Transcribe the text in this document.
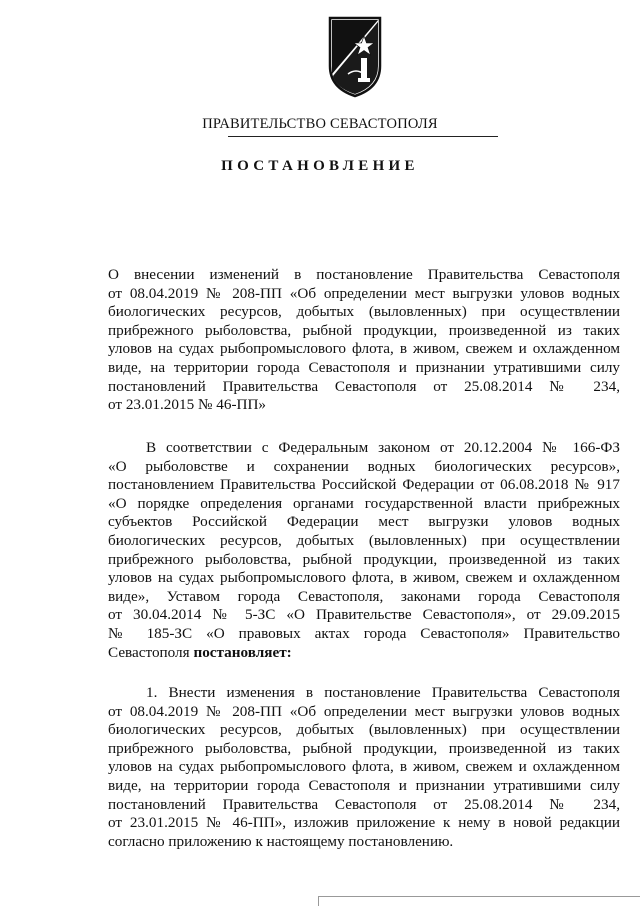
ПРАВИТЕЛЬСТВО СЕВАСТОПОЛЯ
ПОСТАНОВЛЕНИЕ
О внесении изменений в постановление Правительства Севастополя
от 08.04.2019 № 208-ПП «Об определении мест выгрузки уловов водных
биологических ресурсов, добытых (выловленных) при осуществлении
прибрежного рыболовства, рыбной продукции, произведенной из таких
уловов на судах рыбопромыслового флота, в живом, свежем и охлажденном
виде, на территории города Севастополя и признании утратившими силу
постановлений Правительства Севастополя от 25.08.2014 № 234,
от 23.01.2015 № 46-ПП»
В соответствии с Федеральным законом от 20.12.2004 № 166-ФЗ
«О рыболовстве и сохранении водных биологических ресурсов»,
постановлением Правительства Российской Федерации от 06.08.2018 № 917
«О порядке определения органами государственной власти прибрежных
субъектов Российской Федерации мест выгрузки уловов водных
биологических ресурсов, добытых (выловленных) при осуществлении
прибрежного рыболовства, рыбной продукции, произведенной из таких
уловов на судах рыбопромыслового флота, в живом, свежем и охлажденном
виде», Уставом города Севастополя, законами города Севастополя
от 30.04.2014 № 5-ЗС «О Правительстве Севастополя», от 29.09.2015
№ 185-ЗС «О правовых актах города Севастополя» Правительство
Севастополя постановляет:
1. Внести изменения в постановление Правительства Севастополя
от 08.04.2019 № 208-ПП «Об определении мест выгрузки уловов водных
биологических ресурсов, добытых (выловленных) при осуществлении
прибрежного рыболовства, рыбной продукции, произведенной из таких
уловов на судах рыбопромыслового флота, в живом, свежем и охлажденном
виде, на территории города Севастополя и признании утратившими силу
постановлений Правительства Севастополя от 25.08.2014 № 234,
от 23.01.2015 № 46-ПП», изложив приложение к нему в новой редакции
согласно приложению к настоящему постановлению.
